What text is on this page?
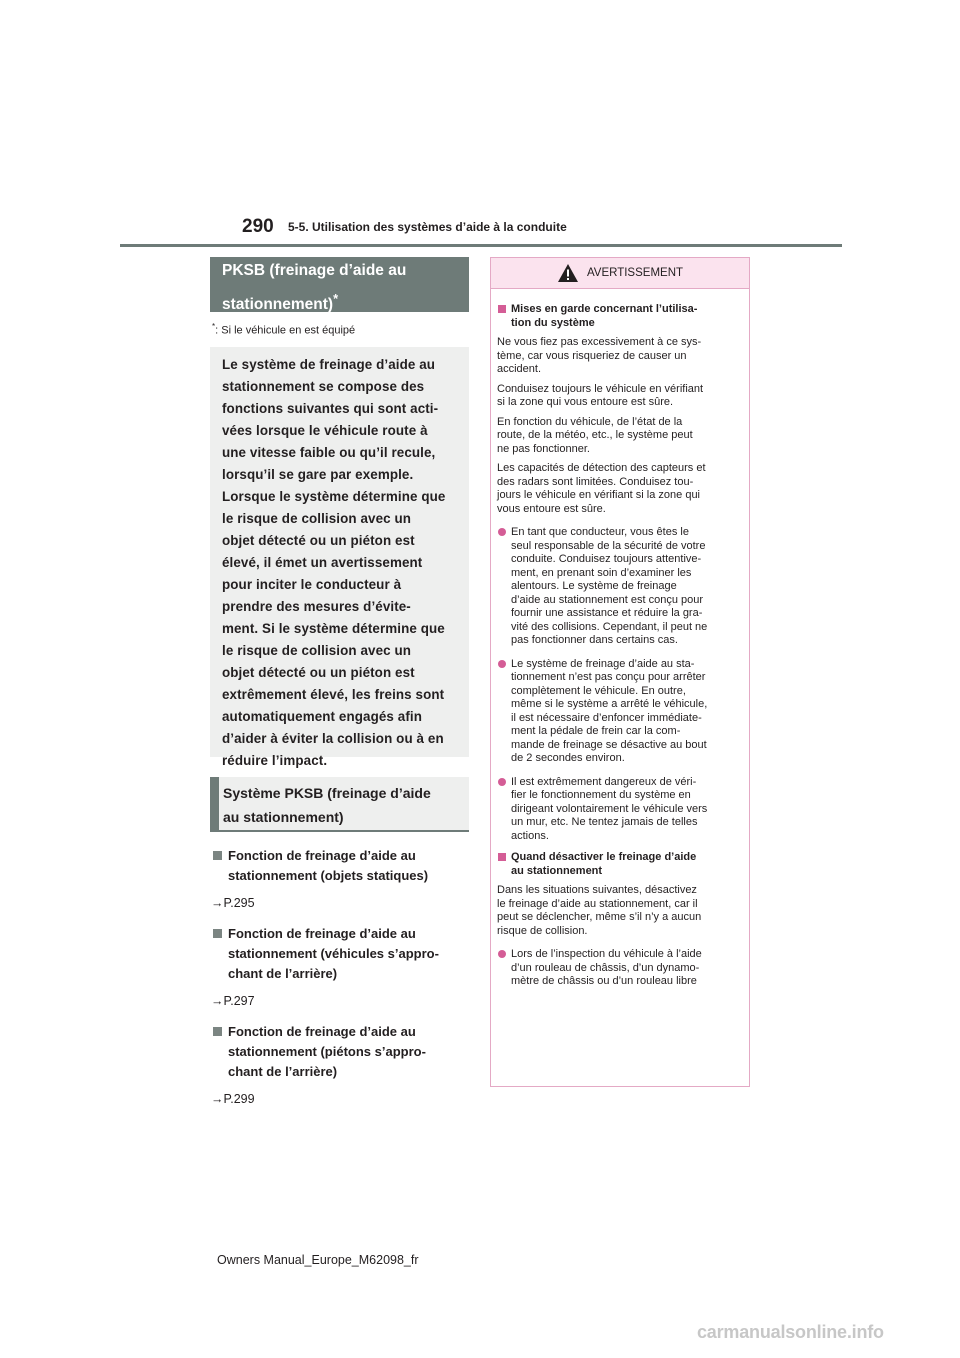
290 5-5. Utilisation des systèmes d’aide à la conduite
PKSB (freinage d’aide au
stationnement)*
*: Si le véhicule en est équipé
Le système de freinage d’aide au
stationnement se compose des
fonctions suivantes qui sont acti-
vées lorsque le véhicule route à
une vitesse faible ou qu’il recule,
lorsqu’il se gare par exemple.
Lorsque le système détermine que
le risque de collision avec un
objet détecté ou un piéton est
élevé, il émet un avertissement
pour inciter le conducteur à
prendre des mesures d’évite-
ment. Si le système détermine que
le risque de collision avec un
objet détecté ou un piéton est
extrêmement élevé, les freins sont
automatiquement engagés afin
d’aider à éviter la collision ou à en
réduire l’impact.
Système PKSB (freinage d’aide
au stationnement)
Fonction de freinage d’aide au
stationnement (objets statiques)
→P.295
Fonction de freinage d’aide au
stationnement (véhicules s’appro-
chant de l’arrière)
→P.297
Fonction de freinage d’aide au
stationnement (piétons s’appro-
chant de l’arrière)
→P.299
AVERTISSEMENT
Mises en garde concernant l’utilisa-
tion du système
Ne vous fiez pas excessivement à ce sys-
tème, car vous risqueriez de causer un
accident.
Conduisez toujours le véhicule en vérifiant
si la zone qui vous entoure est sûre.
En fonction du véhicule, de l’état de la
route, de la météo, etc., le système peut
ne pas fonctionner.
Les capacités de détection des capteurs et
des radars sont limitées. Conduisez tou-
jours le véhicule en vérifiant si la zone qui
vous entoure est sûre.
En tant que conducteur, vous êtes le
seul responsable de la sécurité de votre
conduite. Conduisez toujours attentive-
ment, en prenant soin d’examiner les
alentours. Le système de freinage
d’aide au stationnement est conçu pour
fournir une assistance et réduire la gra-
vité des collisions. Cependant, il peut ne
pas fonctionner dans certains cas.
Le système de freinage d’aide au sta-
tionnement n’est pas conçu pour arrêter
complètement le véhicule. En outre,
même si le système a arrêté le véhicule,
il est nécessaire d’enfoncer immédiate-
ment la pédale de frein car la com-
mande de freinage se désactive au bout
de 2 secondes environ.
Il est extrêmement dangereux de véri-
fier le fonctionnement du système en
dirigeant volontairement le véhicule vers
un mur, etc. Ne tentez jamais de telles
actions.
Quand désactiver le freinage d’aide
au stationnement
Dans les situations suivantes, désactivez
le freinage d’aide au stationnement, car il
peut se déclencher, même s’il n’y a aucun
risque de collision.
Lors de l’inspection du véhicule à l’aide
d’un rouleau de châssis, d’un dynamo-
mètre de châssis ou d’un rouleau libre
Owners Manual_Europe_M62098_fr
carmanualsonline.info
